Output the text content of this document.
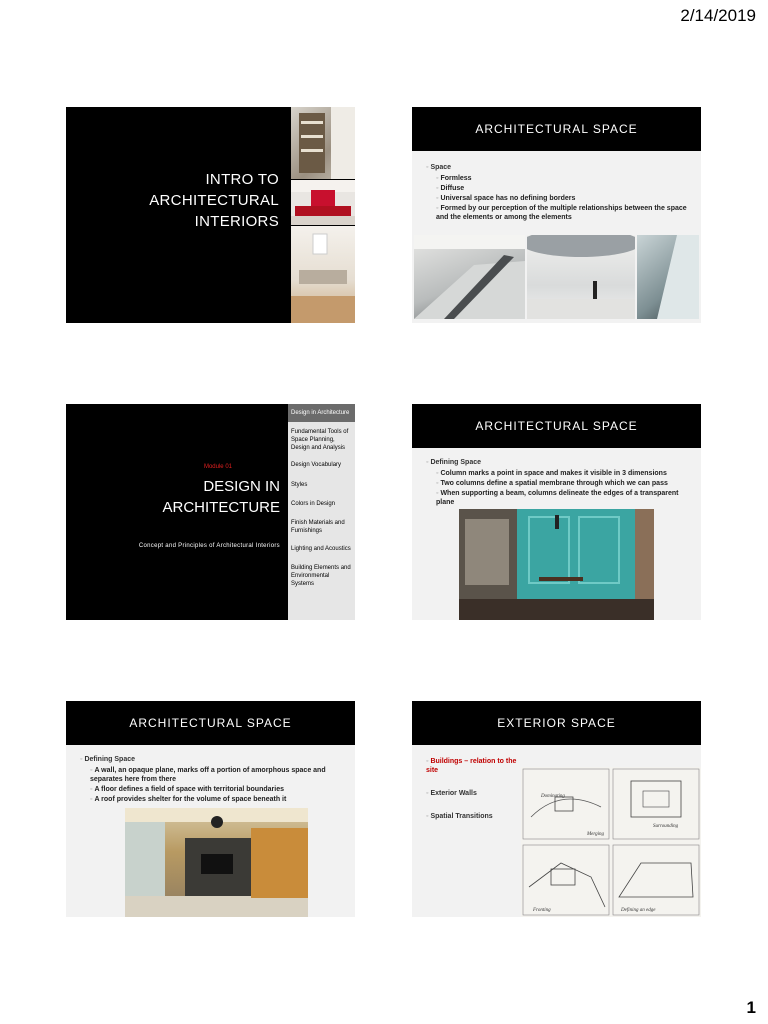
2/14/2019
INTRO TO
ARCHITECTURAL
INTERIORS
ARCHITECTURAL SPACE
◦ Space
◦ Formless
◦ Diffuse
◦ Universal space has no defining borders
◦ Formed by our perception of the multiple relationships between the space and the elements or among the elements
Module 01
DESIGN IN
ARCHITECTURE
Concept and Principles of Architectural Interiors
Design in Architecture
Fundamental Tools of Space Planning, Design and Analysis
Design Vocabulary
Styles
Colors in Design
Finish Materials and Furnishings
Lighting and Acoustics
Building Elements and Environmental Systems
ARCHITECTURAL SPACE
◦ Defining Space
◦ Column marks a point in space and makes it visible in 3 dimensions
◦ Two columns define a spatial membrane through which we can pass
◦ When supporting a beam, columns delineate the edges of a transparent plane
ARCHITECTURAL SPACE
◦ Defining Space
◦ A wall, an opaque plane, marks off a portion of amorphous space and separates here from there
◦ A floor defines a field of space with territorial boundaries
◦ A roof provides shelter for the volume of space beneath it
EXTERIOR SPACE
◦ Buildings – relation to the site
◦ Exterior Walls
◦ Spatial Transitions
Dominating
Merging
Surrounding
Fronting	Defining an edge
1
